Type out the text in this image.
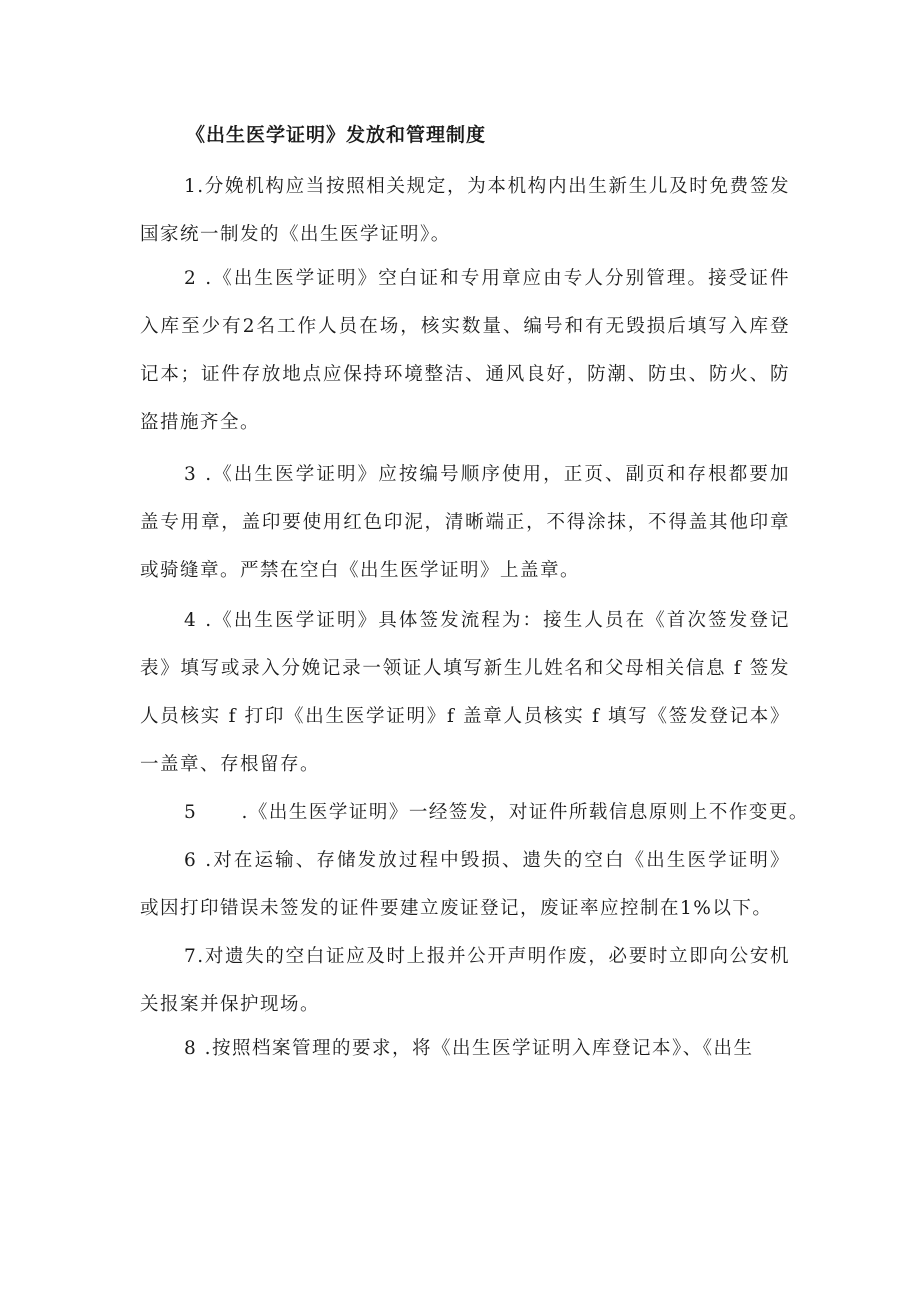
《出生医学证明》发放和管理制度

1.分娩机构应当按照相关规定，为本机构内出生新生儿及时免费签发国家统一制发的《出生医学证明》。

2 .《出生医学证明》空白证和专用章应由专人分别管理。接受证件入库至少有2名工作人员在场，核实数量、编号和有无毁损后填写入库登记本；证件存放地点应保持环境整洁、通风良好，防潮、防虫、防火、防盗措施齐全。

3 .《出生医学证明》应按编号顺序使用，正页、副页和存根都要加盖专用章，盖印要使用红色印泥，清晰端正，不得涂抹，不得盖其他印章或骑缝章。严禁在空白《出生医学证明》上盖章。

4 .《出生医学证明》具体签发流程为：接生人员在《首次签发登记表》填写或录入分娩记录一领证人填写新生儿姓名和父母相关信息 f 签发人员核实 f 打印《出生医学证明》f 盖章人员核实 f 填写《签发登记本》一盖章、存根留存。

5      .《出生医学证明》一经签发，对证件所载信息原则上不作变更。

6 .对在运输、存储发放过程中毁损、遗失的空白《出生医学证明》或因打印错误未签发的证件要建立废证登记，废证率应控制在1%以下。

7.对遗失的空白证应及时上报并公开声明作废，必要时立即向公安机关报案并保护现场。

8 .按照档案管理的要求，将《出生医学证明入库登记本》、《出生
